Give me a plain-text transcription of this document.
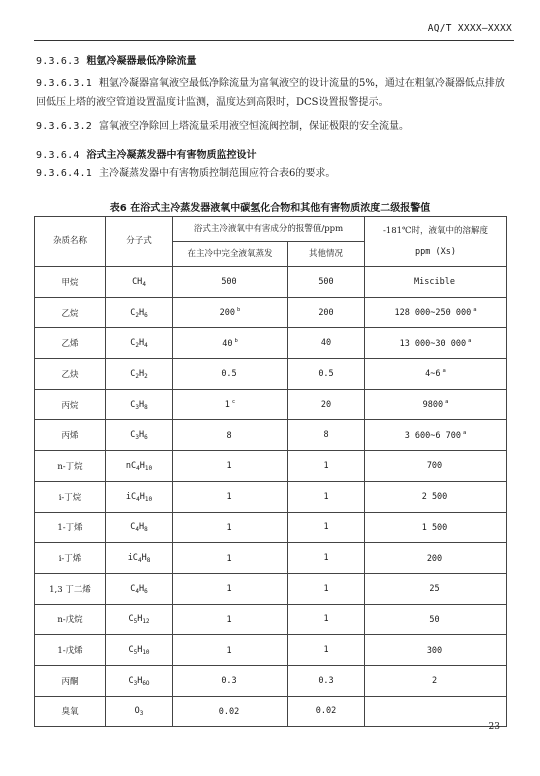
AQ/T XXXX—XXXX
9.3.6.3 粗氩冷凝器最低净除流量
9.3.6.3.1 粗氩冷凝器富氧液空最低净除流量为富氧液空的设计流量的5%，通过在粗氩冷凝器低点排放回低压上塔的液空管道设置温度计监测，温度达到高限时，DCS设置报警提示。
9.3.6.3.2 富氧液空净除回上塔流量采用液空恒流阀控制，保证极限的安全流量。
9.3.6.4 浴式主冷凝蒸发器中有害物质监控设计
9.3.6.4.1 主冷凝蒸发器中有害物质控制范围应符合表6的要求。
表6 在浴式主冷蒸发器液氧中碳氢化合物和其他有害物质浓度二级报警值
杂质名称	分子式	浴式主冷液氧中有害成分的报警值/ppm		-181℃时，液氧中的溶解度
ppm (Xs)

		在主冷中完全液氧蒸发	其他情况	
甲烷	$CH_4$	500	500	Miscible
乙烷	$C_2H_6$	200 $^b$	200	128 000~250 000 $^a$
乙烯	$C_2H_4$	40 $^b$	40	13 000~30 000 $^a$
乙炔	$C_2H_2$	0.5	0.5	4~6 $^a$
丙烷	$C_3H_8$	1 $^c$	20	9800 $^a$
丙烯	$C_3H_6$	8	8	3 600~6 700 $^a$
n-丁烷	$nC_4H_{10}$	1	1	700
i-丁烷	$iC_4H_{10}$	1	1	2 500
1-丁烯	$C_4H_8$	1	1	1 500
i-丁烯	$iC_4H_8$	1	1	200
1,3 丁二烯	$C_4H_6$	1	1	25
n-戊烷	$C_5H_{12}$	1	1	50
1-戊烯	$C_5H_{10}$	1	1	300
丙酮	$C_3H_{6O}$	0.3	0.3	2
臭氧	$O_3$	0.02	0.02	
23
